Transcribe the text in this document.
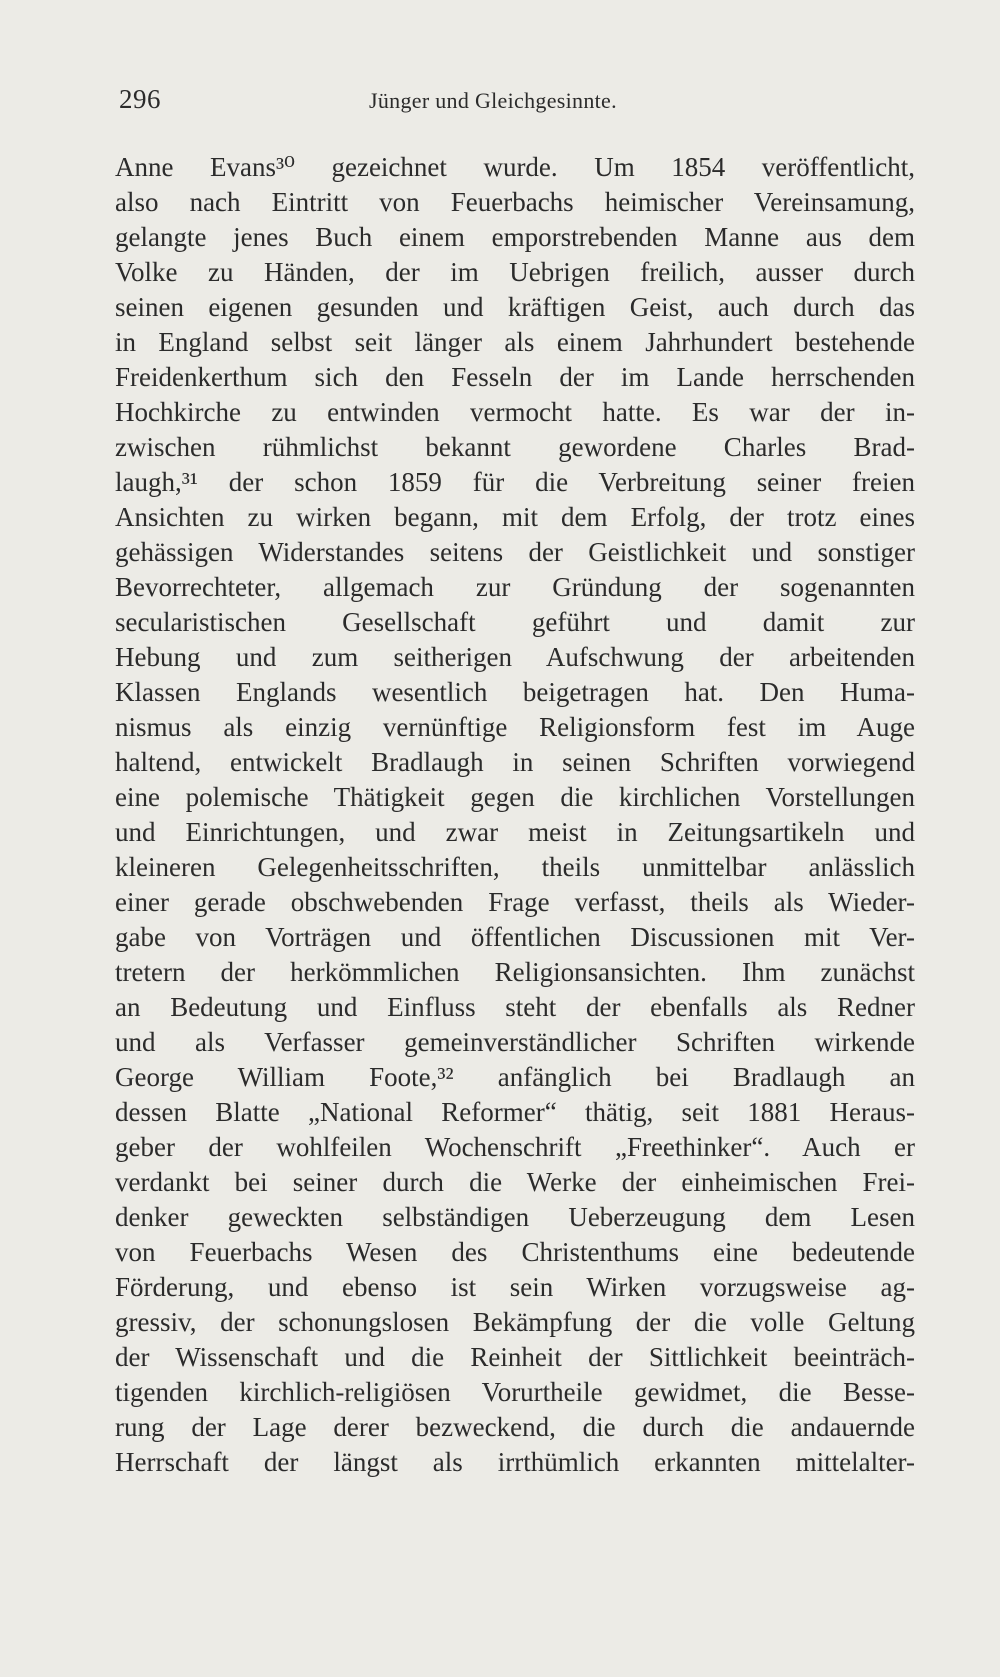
296	Jünger und Gleichgesinnte.
Anne Evans³⁰ gezeichnet wurde. Um 1854 veröffentlicht,
also nach Eintritt von Feuerbachs heimischer Vereinsamung,
gelangte jenes Buch einem emporstrebenden Manne aus dem
Volke zu Händen, der im Uebrigen freilich, ausser durch
seinen eigenen gesunden und kräftigen Geist, auch durch das
in England selbst seit länger als einem Jahrhundert bestehende
Freidenkerthum sich den Fesseln der im Lande herrschenden
Hochkirche zu entwinden vermocht hatte. Es war der in-
zwischen rühmlichst bekannt gewordene Charles Brad-
laugh,³¹ der schon 1859 für die Verbreitung seiner freien
Ansichten zu wirken begann, mit dem Erfolg, der trotz eines
gehässigen Widerstandes seitens der Geistlichkeit und sonstiger
Bevorrechteter, allgemach zur Gründung der sogenannten
secularistischen Gesellschaft geführt und damit zur
Hebung und zum seitherigen Aufschwung der arbeitenden
Klassen Englands wesentlich beigetragen hat. Den Huma-
nismus als einzig vernünftige Religionsform fest im Auge
haltend, entwickelt Bradlaugh in seinen Schriften vorwiegend
eine polemische Thätigkeit gegen die kirchlichen Vorstellungen
und Einrichtungen, und zwar meist in Zeitungsartikeln und
kleineren Gelegenheitsschriften, theils unmittelbar anlässlich
einer gerade obschwebenden Frage verfasst, theils als Wieder-
gabe von Vorträgen und öffentlichen Discussionen mit Ver-
tretern der herkömmlichen Religionsansichten. Ihm zunächst
an Bedeutung und Einfluss steht der ebenfalls als Redner
und als Verfasser gemeinverständlicher Schriften wirkende
George William Foote,³² anfänglich bei Bradlaugh an
dessen Blatte „National Reformer“ thätig, seit 1881 Heraus-
geber der wohlfeilen Wochenschrift „Freethinker“. Auch er
verdankt bei seiner durch die Werke der einheimischen Frei-
denker geweckten selbständigen Ueberzeugung dem Lesen
von Feuerbachs Wesen des Christenthums eine bedeutende
Förderung, und ebenso ist sein Wirken vorzugsweise ag-
gressiv, der schonungslosen Bekämpfung der die volle Geltung
der Wissenschaft und die Reinheit der Sittlichkeit beeinträch-
tigenden kirchlich-religiösen Vorurtheile gewidmet, die Besse-
rung der Lage derer bezweckend, die durch die andauernde
Herrschaft der längst als irrthümlich erkannten mittelalter-
